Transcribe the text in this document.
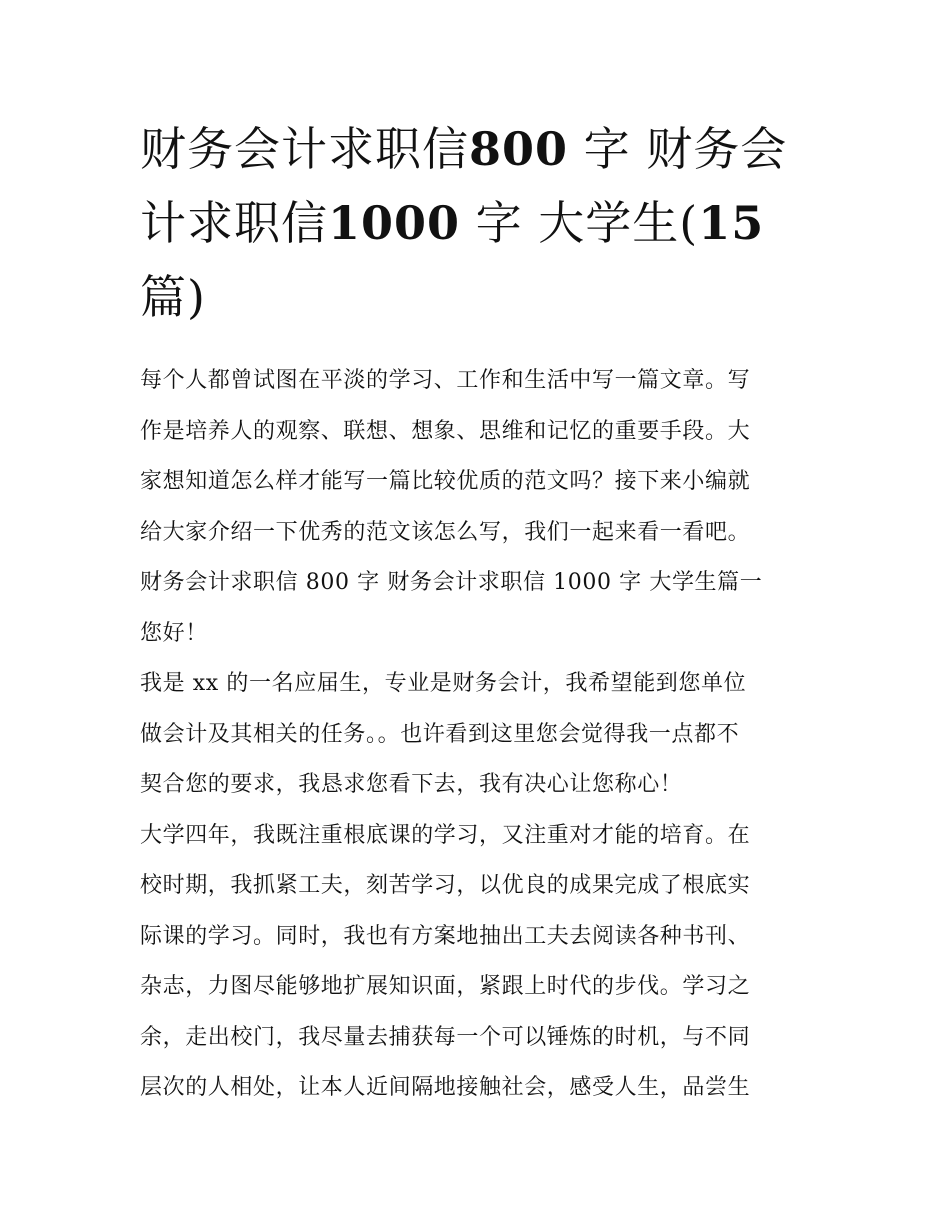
财务会计求职信800 字 财务会
计求职信1000 字 大学生(15
篇)
每个人都曾试图在平淡的学习、工作和生活中写一篇文章。写
作是培养人的观察、联想、想象、思维和记忆的重要手段。大
家想知道怎么样才能写一篇比较优质的范文吗？接下来小编就
给大家介绍一下优秀的范文该怎么写，我们一起来看一看吧。
财务会计求职信 800 字 财务会计求职信 1000 字 大学生篇一
您好！
我是 xx 的一名应届生，专业是财务会计，我希望能到您单位
做会计及其相关的任务。。也许看到这里您会觉得我一点都不
契合您的要求，我恳求您看下去，我有决心让您称心！
大学四年，我既注重根底课的学习，又注重对才能的培育。在
校时期，我抓紧工夫，刻苦学习，以优良的成果完成了根底实
际课的学习。同时，我也有方案地抽出工夫去阅读各种书刊、
杂志，力图尽能够地扩展知识面，紧跟上时代的步伐。学习之
余，走出校门，我尽量去捕获每一个可以锤炼的时机，与不同
层次的人相处，让本人近间隔地接触社会，感受人生，品尝生
